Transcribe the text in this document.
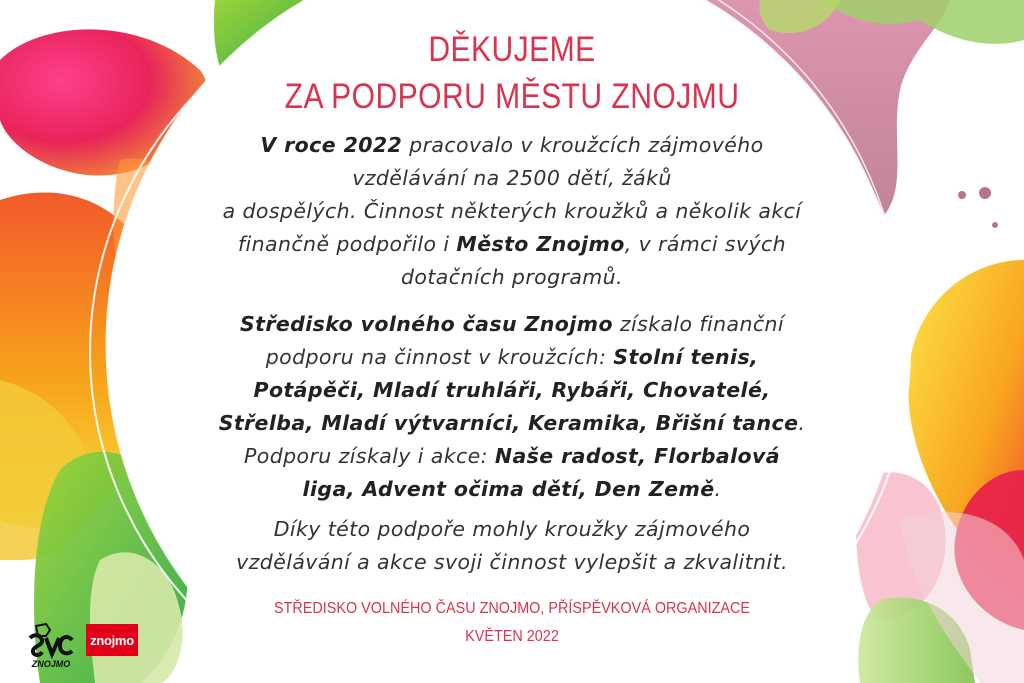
DĚKUJEME
ZA PODPORU MĚSTU ZNOJMU
V roce 2022 pracovalo v kroužcích zájmového
vzdělávání na 2500 dětí, žáků
a dospělých. Činnost některých kroužků a několik akcí
finančně podpořilo i Město Znojmo, v rámci svých
dotačních programů.
Středisko volného času Znojmo získalo finanční
podporu na činnost v kroužcích: Stolní tenis,
Potápěči, Mladí truhláři, Rybáři, Chovatelé,
Střelba, Mladí výtvarníci, Keramika, Břišní tance.
Podporu získaly i akce: Naše radost, Florbalová
liga, Advent očima dětí, Den Země.
Díky této podpoře mohly kroužky zájmového
vzdělávání a akce svoji činnost vylepšit a zkvalitnit.
STŘEDISKO VOLNÉHO ČASU ZNOJMO, PŘÍSPĚVKOVÁ ORGANIZACE
KVĚTEN 2022
ZNOJMO
znojmo
